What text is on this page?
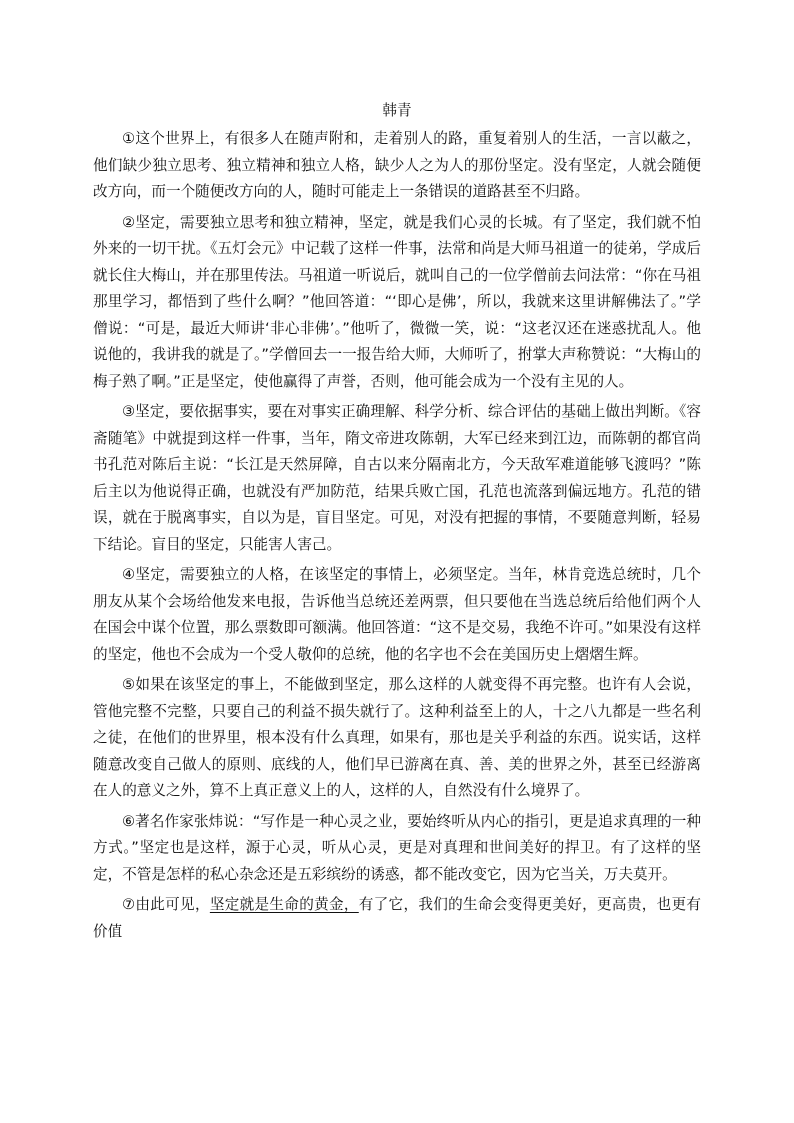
韩青

①这个世界上，有很多人在随声附和，走着别人的路，重复着别人的生活，一言以蔽之，他们缺少独立思考、独立精神和独立人格，缺少人之为人的那份坚定。没有坚定，人就会随便改方向，而一个随便改方向的人，随时可能走上一条错误的道路甚至不归路。

②坚定，需要独立思考和独立精神，坚定，就是我们心灵的长城。有了坚定，我们就不怕外来的一切干扰。《五灯会元》中记载了这样一件事，法常和尚是大师马祖道一的徒弟，学成后就长住大梅山，并在那里传法。马祖道一听说后，就叫自己的一位学僧前去问法常：“你在马祖那里学习，都悟到了些什么啊？”他回答道：“‘即心是佛’，所以，我就来这里讲解佛法了。”学僧说：“可是，最近大师讲‘非心非佛’。”他听了，微微一笑，说：“这老汉还在迷惑扰乱人。他说他的，我讲我的就是了。”学僧回去一一报告给大师，大师听了，拊掌大声称赞说：“大梅山的梅子熟了啊。”正是坚定，使他赢得了声誉，否则，他可能会成为一个没有主见的人。

③坚定，要依据事实，要在对事实正确理解、科学分析、综合评估的基础上做出判断。《容斋随笔》中就提到这样一件事，当年，隋文帝进攻陈朝，大军已经来到江边，而陈朝的都官尚书孔范对陈后主说：“长江是天然屏障，自古以来分隔南北方，今天敌军难道能够飞渡吗？”陈后主以为他说得正确，也就没有严加防范，结果兵败亡国，孔范也流落到偏远地方。孔范的错误，就在于脱离事实，自以为是，盲目坚定。可见，对没有把握的事情，不要随意判断，轻易下结论。盲目的坚定，只能害人害己。

④坚定，需要独立的人格，在该坚定的事情上，必须坚定。当年，林肯竞选总统时，几个朋友从某个会场给他发来电报，告诉他当总统还差两票，但只要他在当选总统后给他们两个人在国会中谋个位置，那么票数即可额满。他回答道：“这不是交易，我绝不许可。”如果没有这样的坚定，他也不会成为一个受人敬仰的总统，他的名字也不会在美国历史上熠熠生辉。

⑤如果在该坚定的事上，不能做到坚定，那么这样的人就变得不再完整。也许有人会说，管他完整不完整，只要自己的利益不损失就行了。这种利益至上的人，十之八九都是一些名利之徒，在他们的世界里，根本没有什么真理，如果有，那也是关乎利益的东西。说实话，这样随意改变自己做人的原则、底线的人，他们早已游离在真、善、美的世界之外，甚至已经游离在人的意义之外，算不上真正意义上的人，这样的人，自然没有什么境界了。

⑥著名作家张炜说：“写作是一种心灵之业，要始终听从内心的指引，更是追求真理的一种方式。”坚定也是这样，源于心灵，听从心灵，更是对真理和世间美好的捍卫。有了这样的坚定，不管是怎样的私心杂念还是五彩缤纷的诱惑，都不能改变它，因为它当关，万夫莫开。

⑦由此可见，坚定就是生命的黄金，有了它，我们的生命会变得更美好，更高贵，也更有价值
